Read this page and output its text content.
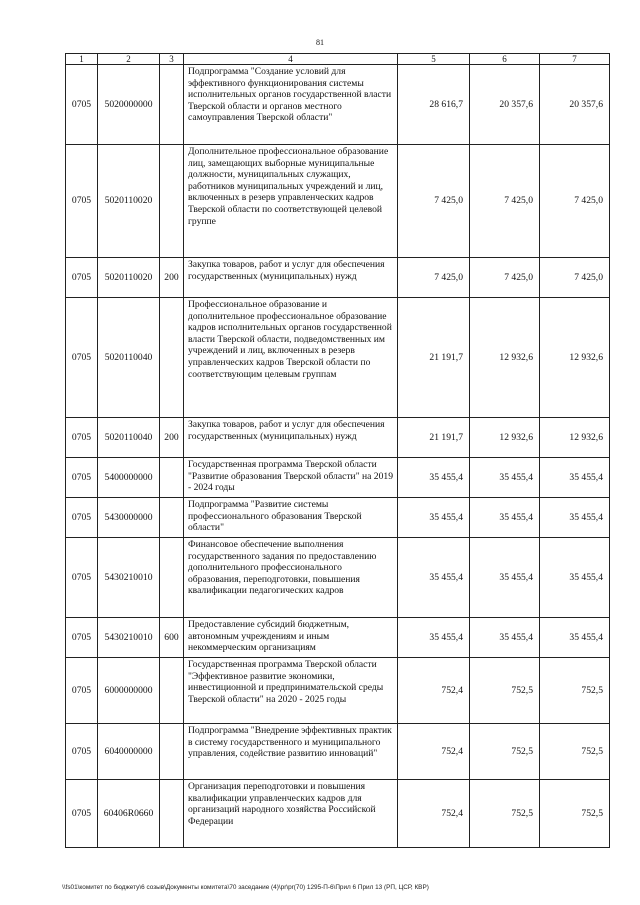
81
1	2	3	4	5	6	7
0705	5020000000		Подпрограмма "Создание условий для эффективного функционирования системы исполнительных органов государственной власти Тверской области и органов местного самоуправления Тверской области"	28 616,7	20 357,6	20 357,6
0705	5020110020		Дополнительное профессиональное образование лиц, замещающих выборные муниципальные должности, муниципальных служащих, работников муниципальных учреждений и лиц, включенных в резерв управленческих кадров Тверской области по соответствующей целевой группе	7 425,0	7 425,0	7 425,0
0705	5020110020	200	Закупка товаров, работ и услуг для обеспечения государственных (муниципальных) нужд	7 425,0	7 425,0	7 425,0
0705	5020110040		Профессиональное образование и дополнительное профессиональное образование кадров исполнительных органов государственной власти Тверской области, подведомственных им учреждений и лиц, включенных в резерв управленческих кадров Тверской области по соответствующим целевым группам	21 191,7	12 932,6	12 932,6
0705	5020110040	200	Закупка товаров, работ и услуг для обеспечения государственных (муниципальных) нужд	21 191,7	12 932,6	12 932,6
0705	5400000000		Государственная программа Тверской области "Развитие образования Тверской области" на 2019 - 2024 годы	35 455,4	35 455,4	35 455,4
0705	5430000000		Подпрограмма "Развитие системы профессионального образования Тверской области"	35 455,4	35 455,4	35 455,4
0705	5430210010		Финансовое обеспечение выполнения государственного задания по предоставлению дополнительного профессионального образования, переподготовки, повышения квалификации педагогических кадров	35 455,4	35 455,4	35 455,4
0705	5430210010	600	Предоставление субсидий бюджетным, автономным учреждениям и иным некоммерческим организациям	35 455,4	35 455,4	35 455,4
0705	6000000000		Государственная программа Тверской области "Эффективное развитие экономики, инвестиционной и предпринимательской среды Тверской области" на 2020 - 2025 годы	752,4	752,5	752,5
0705	6040000000		Подпрограмма "Внедрение эффективных практик в систему государственного и муниципального управления, содействие развитию инноваций"	752,4	752,5	752,5
0705	60406R0660		Организация переподготовки и повышения квалификации управленческих кадров для организаций народного хозяйства Российской Федерации	752,4	752,5	752,5
\\fs01\комитет по бюджету\6 созыв\Документы комитета\70 заседание (4)\pr\pr(70) 1295-П-6\Прил 6 Прил 13 (РП, ЦСР, КВР)
